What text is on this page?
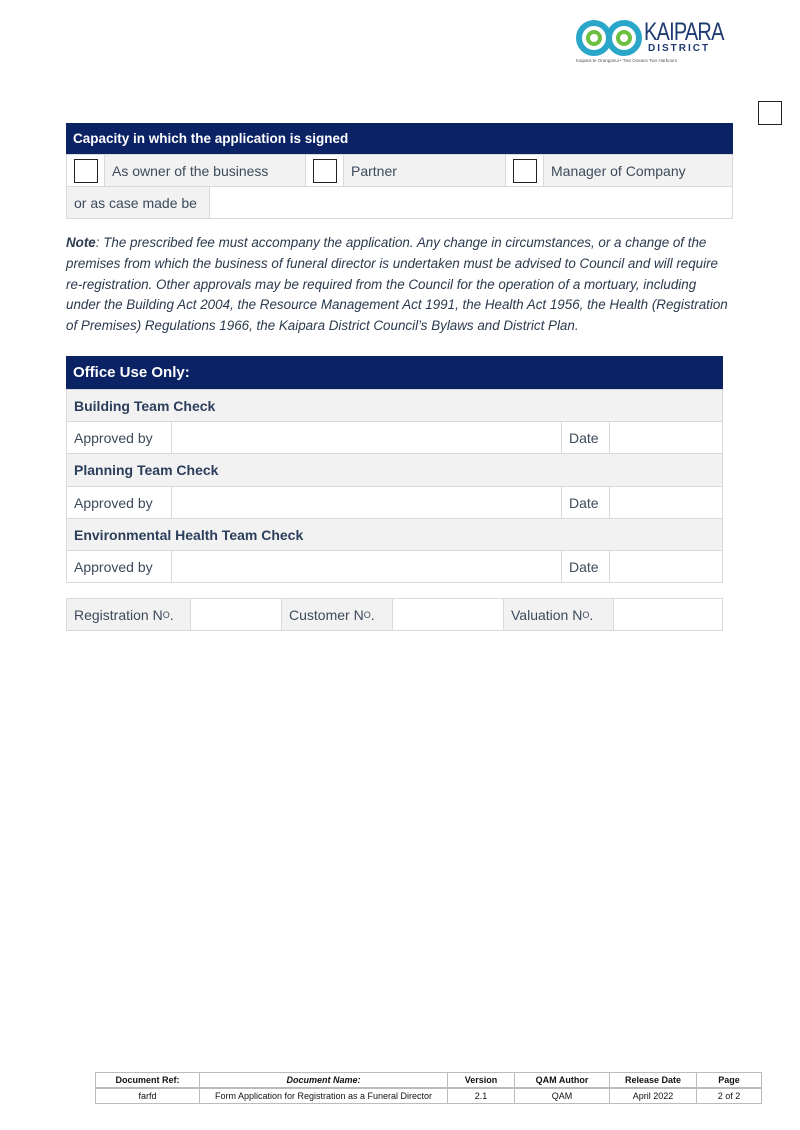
KAIPARA
DISTRICT
Kaipara te Oranganui • Two Oceans Two Harbours
Capacity in which the application is signed
As owner of the business	Partner	Manager of Company
or as case made be
Note: The prescribed fee must accompany the application. Any change in circumstances, or a change of the premises from which the business of funeral director is undertaken must be advised to Council and will require re-registration. Other approvals may be required from the Council for the operation of a mortuary, including under the Building Act 2004, the Resource Management Act 1991, the Health Act 1956, the Health (Registration of Premises) Regulations 1966, the Kaipara District Council’s Bylaws and District Plan.
Office Use Only:
Building Team Check
Approved by	Date
Planning Team Check
Approved by	Date
Environmental Health Team Check
Approved by	Date
Registration N O .	Customer N O .	Valuation N O .
Document Ref:	Document Name:	Version	QAM Author	Release Date	Page
farfd	Form Application for Registration as a Funeral Director	2.1	QAM	April 2022	2 of 2
